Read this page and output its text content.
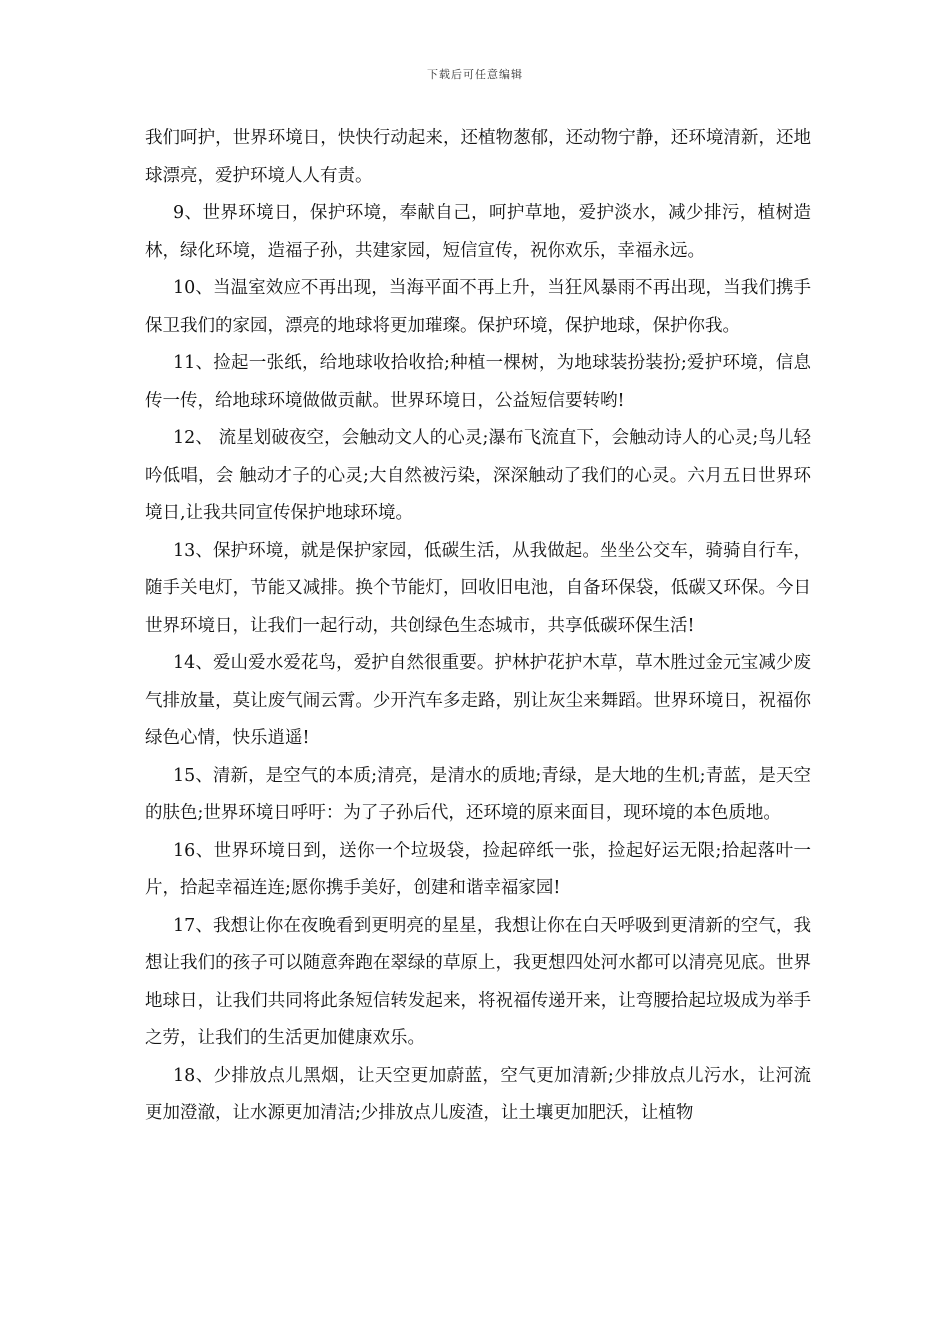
下载后可任意编辑

我们呵护，世界环境日，快快行动起来，还植物葱郁，还动物宁静，还环境清新，还地球漂亮，爱护环境人人有责。

9、世界环境日，保护环境，奉献自己，呵护草地，爱护淡水，减少排污，植树造林，绿化环境，造福子孙，共建家园，短信宣传，祝你欢乐，幸福永远。

10、当温室效应不再出现，当海平面不再上升，当狂风暴雨不再出现，当我们携手保卫我们的家园，漂亮的地球将更加璀璨。保护环境，保护地球，保护你我。

11、捡起一张纸，给地球收拾收拾;种植一棵树，为地球装扮装扮;爱护环境，信息传一传，给地球环境做做贡献。世界环境日，公益短信要转哟!

12、 流星划破夜空，会触动文人的心灵;瀑布飞流直下，会触动诗人的心灵;鸟儿轻吟低唱，会 触动才子的心灵;大自然被污染，深深触动了我们的心灵。六月五日世界环境日,让我共同宣传保护地球环境。

13、保护环境，就是保护家园，低碳生活，从我做起。坐坐公交车，骑骑自行车，随手关电灯，节能又减排。换个节能灯，回收旧电池，自备环保袋，低碳又环保。今日世界环境日，让我们一起行动，共创绿色生态城市，共享低碳环保生活!

14、爱山爱水爱花鸟，爱护自然很重要。护林护花护木草，草木胜过金元宝减少废气排放量，莫让废气闹云霄。少开汽车多走路，别让灰尘来舞蹈。世界环境日，祝福你绿色心情，快乐逍遥!

15、清新，是空气的本质;清亮，是清水的质地;青绿，是大地的生机;青蓝，是天空的肤色;世界环境日呼吁：为了子孙后代，还环境的原来面目，现环境的本色质地。

16、世界环境日到，送你一个垃圾袋，捡起碎纸一张，捡起好运无限;拾起落叶一片，拾起幸福连连;愿你携手美好，创建和谐幸福家园!

17、我想让你在夜晚看到更明亮的星星，我想让你在白天呼吸到更清新的空气，我想让我们的孩子可以随意奔跑在翠绿的草原上，我更想四处河水都可以清亮见底。世界地球日，让我们共同将此条短信转发起来，将祝福传递开来，让弯腰拾起垃圾成为举手之劳，让我们的生活更加健康欢乐。

18、少排放点儿黑烟，让天空更加蔚蓝，空气更加清新;少排放点儿污水，让河流更加澄澈，让水源更加清洁;少排放点儿废渣，让土壤更加肥沃，让植物
